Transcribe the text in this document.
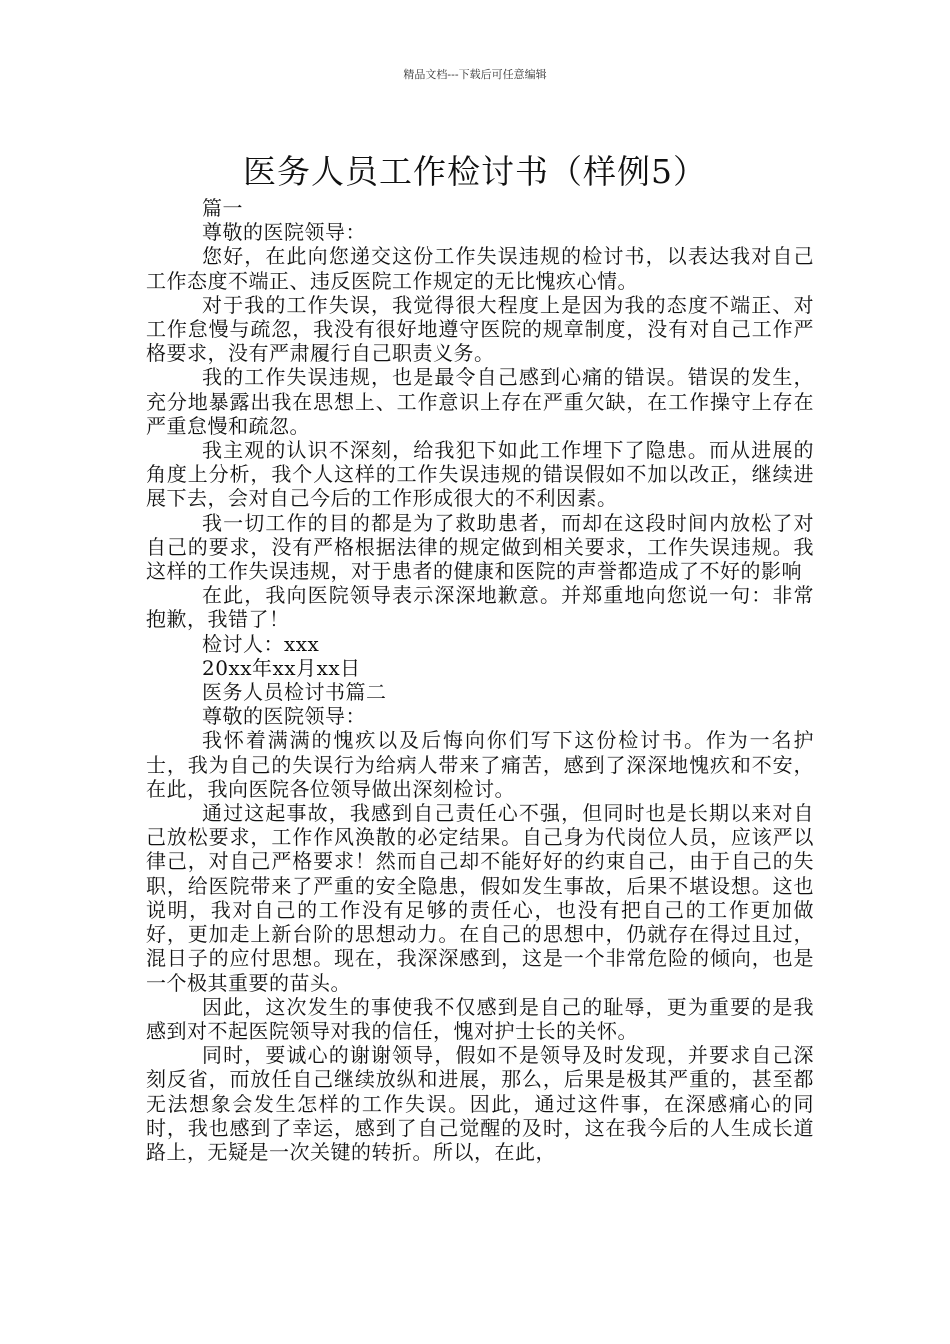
精品文档---下载后可任意编辑
医务人员工作检讨书（样例5）

篇一

尊敬的医院领导：

您好，在此向您递交这份工作失误违规的检讨书，以表达我对自己工作态度不端正、违反医院工作规定的无比愧疚心情。

对于我的工作失误，我觉得很大程度上是因为我的态度不端正、对工作怠慢与疏忽，我没有很好地遵守医院的规章制度，没有对自己工作严格要求，没有严肃履行自己职责义务。

我的工作失误违规，也是最令自己感到心痛的错误。错误的发生，充分地暴露出我在思想上、工作意识上存在严重欠缺，在工作操守上存在严重怠慢和疏忽。

我主观的认识不深刻，给我犯下如此工作埋下了隐患。而从进展的角度上分析，我个人这样的工作失误违规的错误假如不加以改正，继续进展下去，会对自己今后的工作形成很大的不利因素。

我一切工作的目的都是为了救助患者，而却在这段时间内放松了对自己的要求，没有严格根据法律的规定做到相关要求，工作失误违规。我这样的工作失误违规，对于患者的健康和医院的声誉都造成了不好的影响

在此，我向医院领导表示深深地歉意。并郑重地向您说一句：非常抱歉，我错了！

检讨人：xxx

20xx年xx月xx日

医务人员检讨书篇二

尊敬的医院领导：

我怀着满满的愧疚以及后悔向你们写下这份检讨书。作为一名护士，我为自己的失误行为给病人带来了痛苦，感到了深深地愧疚和不安，在此，我向医院各位领导做出深刻检讨。

通过这起事故，我感到自己责任心不强，但同时也是长期以来对自己放松要求，工作作风涣散的必定结果。自己身为代岗位人员，应该严以律己，对自己严格要求！然而自己却不能好好的约束自己，由于自己的失职，给医院带来了严重的安全隐患，假如发生事故，后果不堪设想。这也说明，我对自己的工作没有足够的责任心，也没有把自己的工作更加做好，更加走上新台阶的思想动力。在自己的思想中，仍就存在得过且过，混日子的应付思想。现在，我深深感到，这是一个非常危险的倾向，也是一个极其重要的苗头。

因此，这次发生的事使我不仅感到是自己的耻辱，更为重要的是我感到对不起医院领导对我的信任，愧对护士长的关怀。

同时，要诚心的谢谢领导，假如不是领导及时发现，并要求自己深刻反省，而放任自己继续放纵和进展，那么，后果是极其严重的，甚至都无法想象会发生怎样的工作失误。因此，通过这件事，在深感痛心的同时，我也感到了幸运，感到了自己觉醒的及时，这在我今后的人生成长道路上，无疑是一次关键的转折。所以，在此，
